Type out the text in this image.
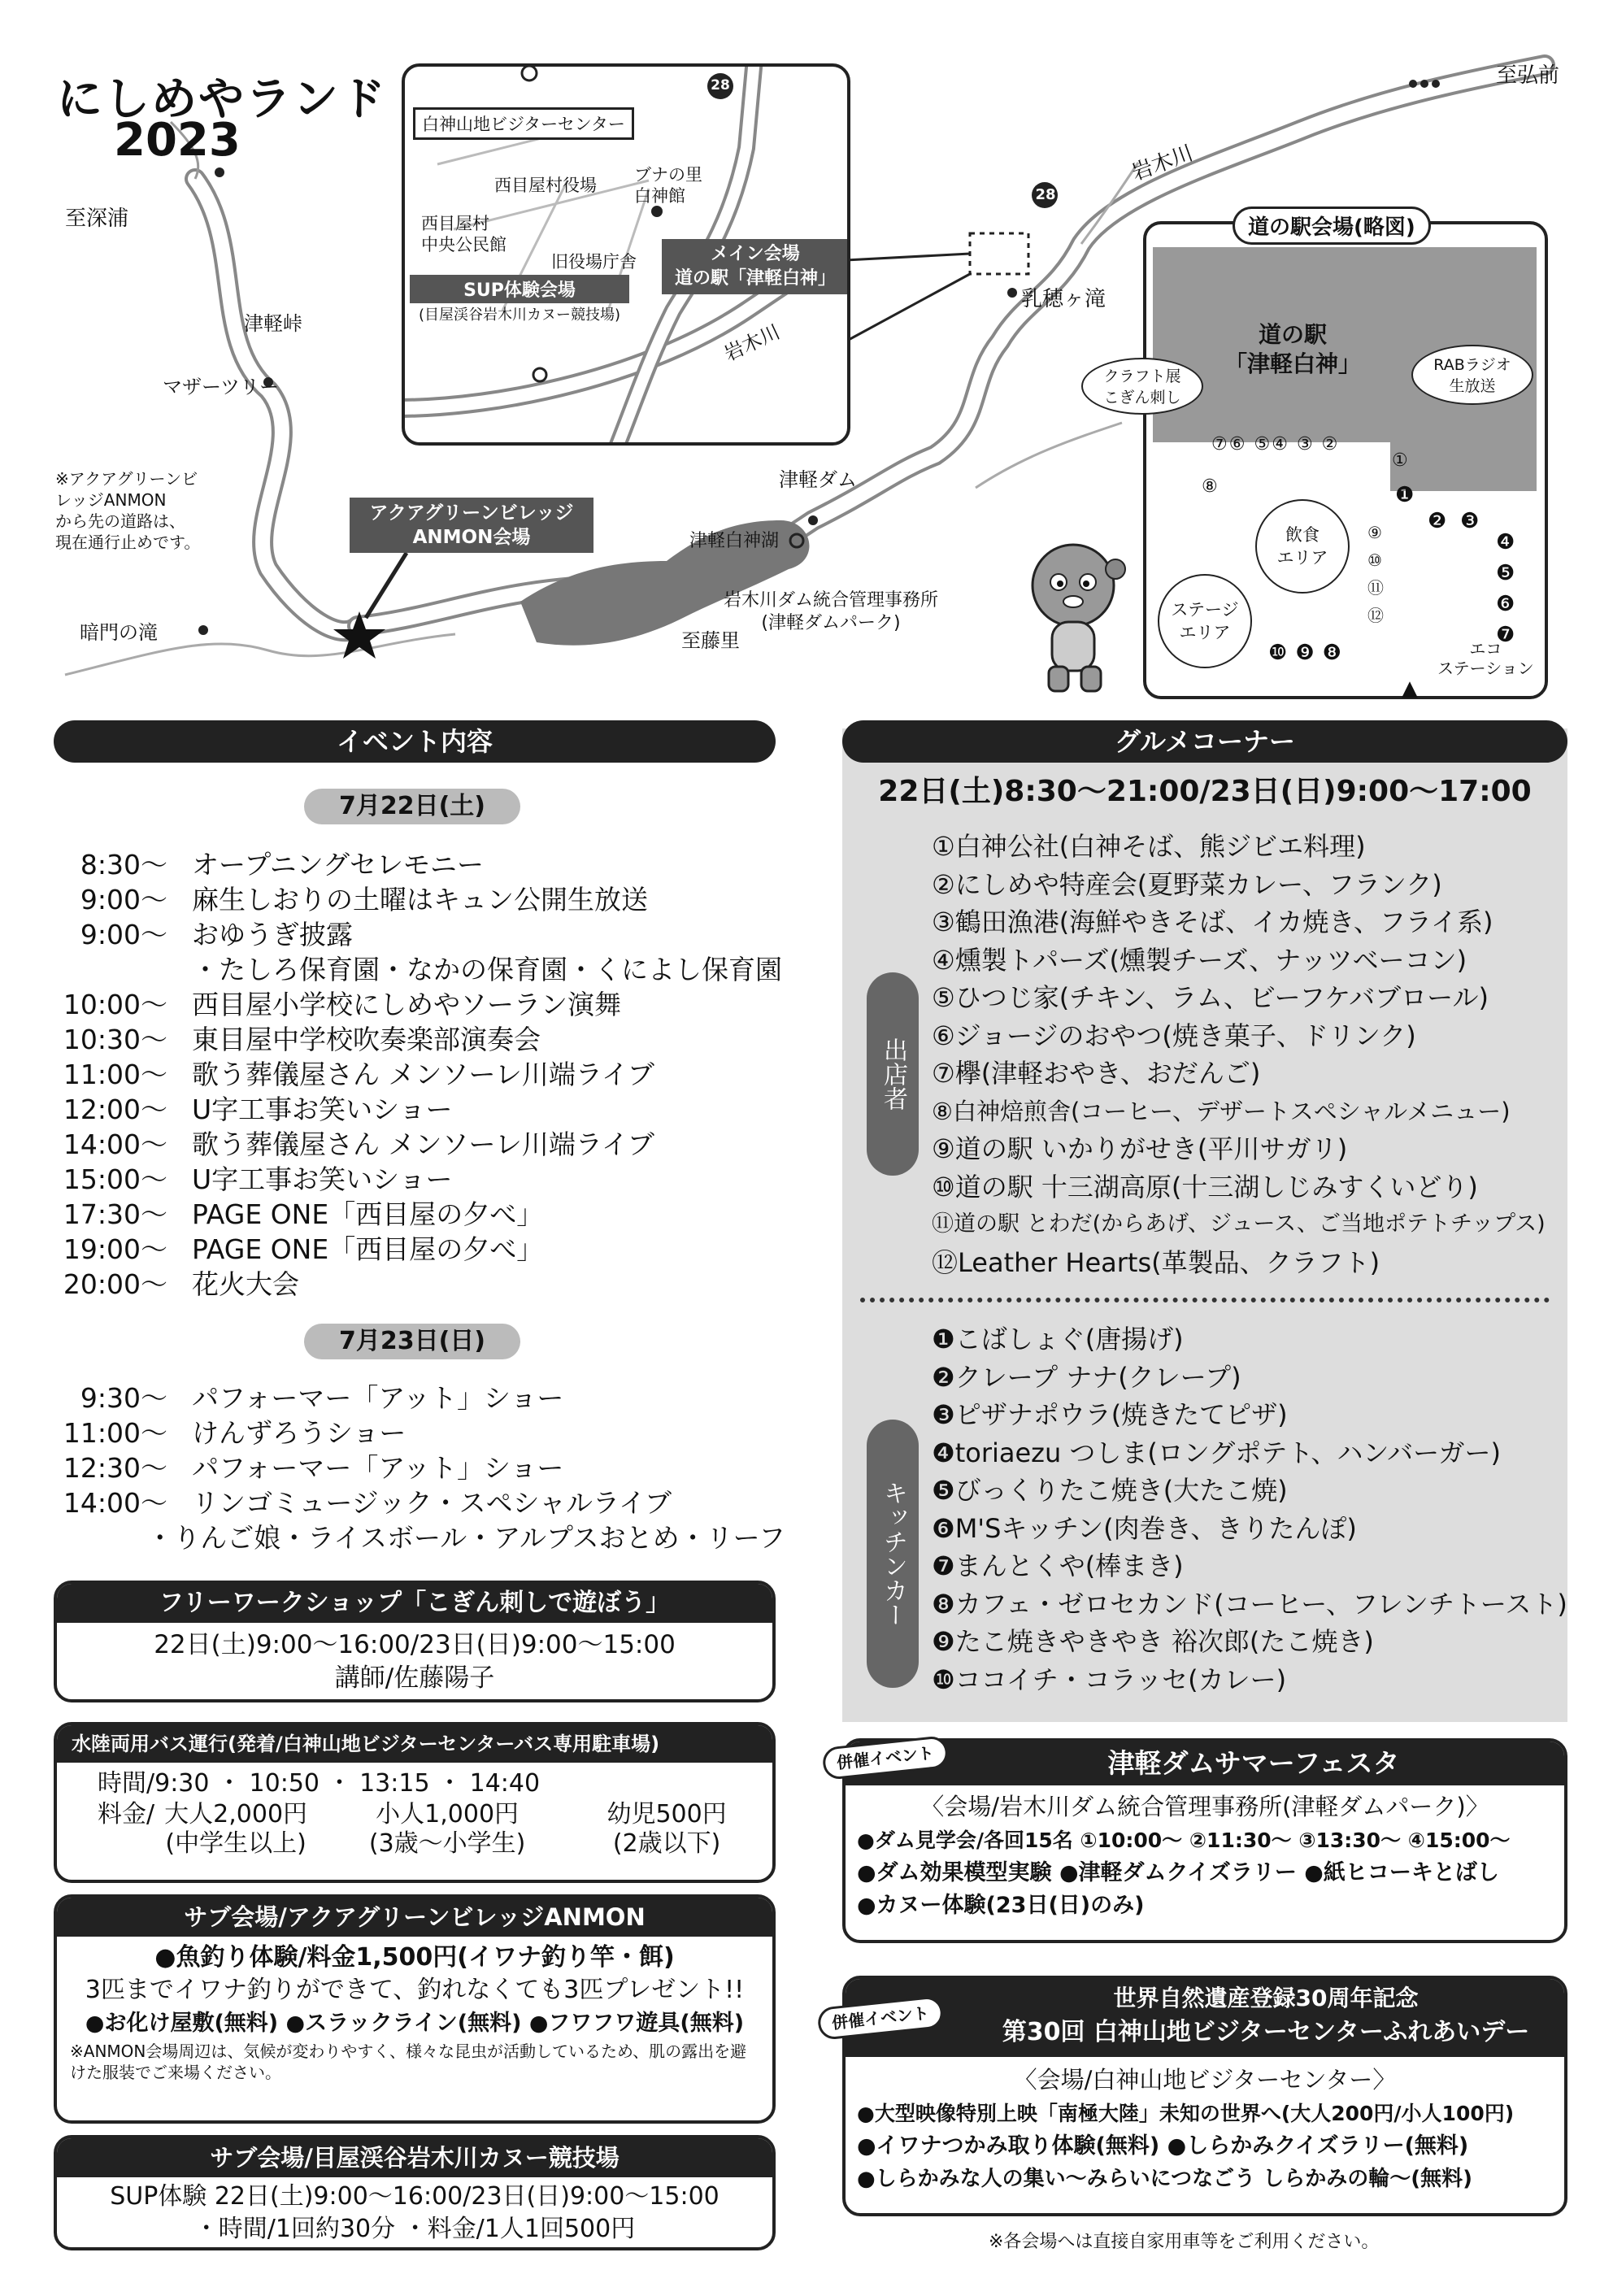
にしめやランド
2023
至弘前
至深浦
岩木川
28
乳穂ヶ滝
津軽峠
マザーツリー
暗門の滝	至藤里
津軽ダム
津軽白神湖
岩木川ダム統合管理事務所
(津軽ダムパーク)
アクアグリーンビレッジ
ANMON会場
※アクアグリーンビ
レッジANMON
から先の道路は、
現在通行止めです。
白神山地ビジターセンター
西目屋村役場
西目屋村
中央公民館
旧役場庁舎
ブナの里
白神館
28
メイン会場
道の駅「津軽白神」
SUP体験会場
(目屋渓谷岩木川カヌー競技場)
岩木川
道の駅会場(略図)
道の駅
「津軽白神」
クラフト展
こぎん刺し
RABラジオ
生放送
⑦⑥ ⑤④ ③ ②
①
⑧
⑨
⑩
⑪
⑫
❶
❷ ❸
❹
❺
❻
❼
❿❾❽
飲食
エリア
ステージ
エリア
エコ
ステーション
▲
イベント内容
7月22日(土)
8:30〜 オープニングセレモニー
9:00〜 麻生しおりの土曜はキュン公開生放送
9:00〜 おゆうぎ披露
・たしろ保育園・なかの保育園・くによし保育園
10:00〜 西目屋小学校にしめやソーラン演舞
10:30〜 東目屋中学校吹奏楽部演奏会
11:00〜 歌う葬儀屋さん メンソーレ川端ライブ
12:00〜 U字工事お笑いショー
14:00〜 歌う葬儀屋さん メンソーレ川端ライブ
15:00〜 U字工事お笑いショー
17:30〜 PAGE ONE「西目屋の夕べ」
19:00〜 PAGE ONE「西目屋の夕べ」
20:00〜 花火大会
7月23日(日)
9:30〜 パフォーマー「アット」ショー
11:00〜 けんずろうショー
12:30〜 パフォーマー「アット」ショー
14:00〜 リンゴミュージック・スペシャルライブ
・りんご娘・ライスボール・アルプスおとめ・リーフ
フリーワークショップ「こぎん刺しで遊ぼう」
22日(土)9:00〜16:00/23日(日)9:00〜15:00
講師/佐藤陽子
水陸両用バス運行(発着/白神山地ビジターセンターバス専用駐車場)
時間/9:30 ・ 10:50 ・ 13:15 ・ 14:40
料金/ 大人2,000円
(中学生以上)
小人1,000円
(3歳〜小学生)
幼児500円
(2歳以下)
サブ会場/アクアグリーンビレッジANMON
●魚釣り体験/料金1,500円(イワナ釣り竿・餌)
3匹までイワナ釣りができて、釣れなくても3匹プレゼント!!
●お化け屋敷(無料) ●スラックライン(無料) ●フワフワ遊具(無料)
※ANMON会場周辺は、気候が変わりやすく、様々な昆虫が活動しているため、肌の露出を避けた服装でご来場ください。
サブ会場/目屋渓谷岩木川カヌー競技場
SUP体験 22日(土)9:00〜16:00/23日(日)9:00〜15:00
・時間/1回約30分 ・料金/1人1回500円
グルメコーナー
22日(土)8:30〜21:00/23日(日)9:00〜17:00
出店者
①白神公社(白神そば、熊ジビエ料理)
②にしめや特産会(夏野菜カレー、フランク)
③鶴田漁港(海鮮やきそば、イカ焼き、フライ系)
④燻製トパーズ(燻製チーズ、ナッツベーコン)
⑤ひつじ家(チキン、ラム、ビーフケバブロール)
⑥ジョージのおやつ(焼き菓子、ドリンク)
⑦欅(津軽おやき、おだんご)
⑧白神焙煎舎(コーヒー、デザートスペシャルメニュー)
⑨道の駅 いかりがせき(平川サガリ)
⑩道の駅 十三湖高原(十三湖しじみすくいどり)
⑪道の駅 とわだ(からあげ、ジュース、ご当地ポテトチップス)
⑫Leather Hearts(革製品、クラフト)
キッチンカー
❶こばしょぐ(唐揚げ)
❷クレープ ナナ(クレープ)
❸ピザナポウラ(焼きたてピザ)
❹toriaezu つしま(ロングポテト、ハンバーガー)
❺びっくりたこ焼き(大たこ焼)
❻M'Sキッチン(肉巻き、きりたんぽ)
❼まんとくや(棒まき)
❽カフェ・ゼロセカンド(コーヒー、フレンチトースト)
❾たこ焼きやきやき 裕次郎(たこ焼き)
❿ココイチ・コラッセ(カレー)
津軽ダムサマーフェスタ
〈会場/岩木川ダム統合管理事務所(津軽ダムパーク)〉
●ダム見学会/各回15名 ①10:00〜 ②11:30〜 ③13:30〜 ④15:00〜
●ダム効果模型実験 ●津軽ダムクイズラリー ●紙ヒコーキとばし
●カヌー体験(23日(日)のみ)
併催イベント
世界自然遺産登録30周年記念
第30回 白神山地ビジターセンターふれあいデー
〈会場/白神山地ビジターセンター〉
●大型映像特別上映「南極大陸」未知の世界へ(大人200円/小人100円)
●イワナつかみ取り体験(無料) ●しらかみクイズラリー(無料)
●しらかみな人の集い〜みらいにつなごう しらかみの輪〜(無料)
併催イベント
※各会場へは直接自家用車等をご利用ください。
